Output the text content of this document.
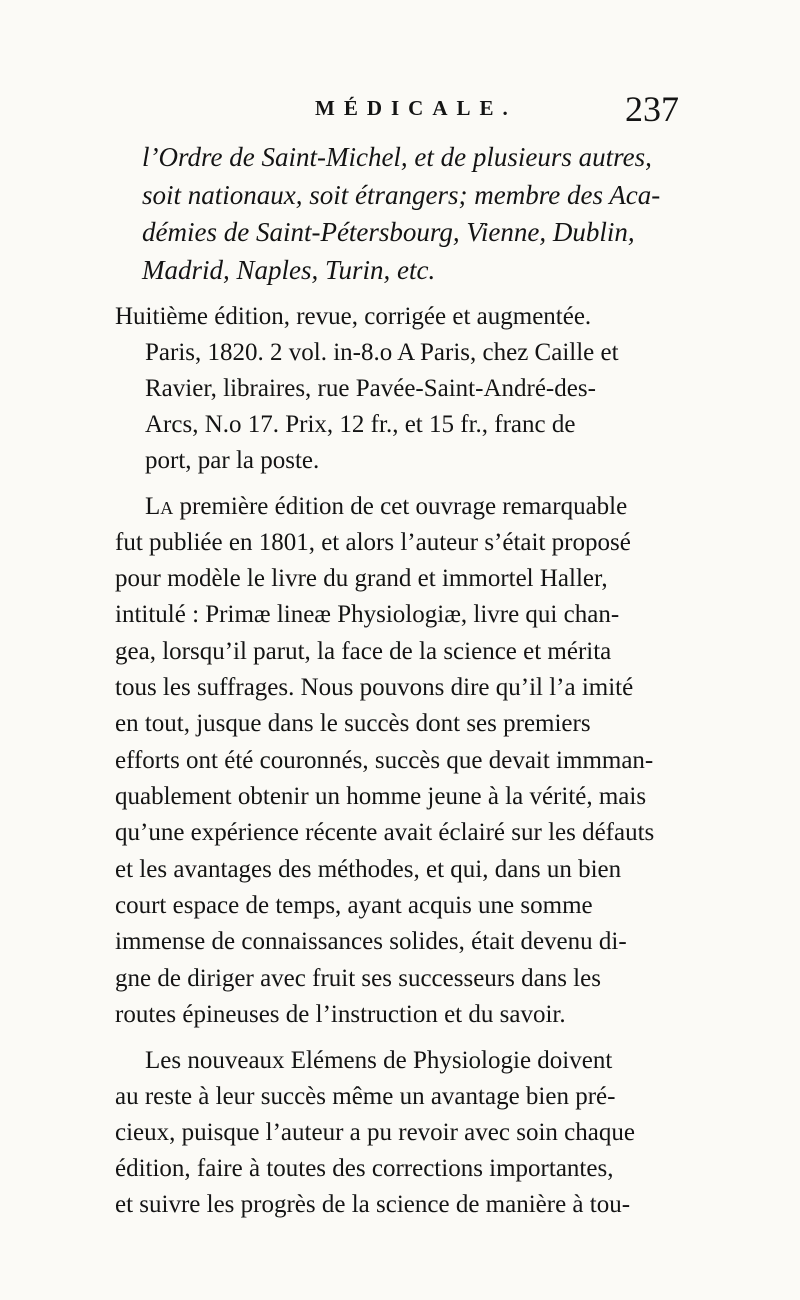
MÉDICALE.	237
l’Ordre de Saint-Michel, et de plusieurs autres,
soit nationaux, soit étrangers; membre des Aca-
démies de Saint-Pétersbourg, Vienne, Dublin,
Madrid, Naples, Turin, etc.
Huitième édition, revue, corrigée et augmentée.
Paris, 1820. 2 vol. in-8.o A Paris, chez Caille et
Ravier, libraires, rue Pavée-Saint-André-des-
Arcs, N.o 17. Prix, 12 fr., et 15 fr., franc de
port, par la poste.
La première édition de cet ouvrage remarquable
fut publiée en 1801, et alors l’auteur s’était proposé
pour modèle le livre du grand et immortel Haller,
intitulé : Primæ lineæ Physiologiæ, livre qui chan-
gea, lorsqu’il parut, la face de la science et mérita
tous les suffrages. Nous pouvons dire qu’il l’a imité
en tout, jusque dans le succès dont ses premiers
efforts ont été couronnés, succès que devait immman-
quablement obtenir un homme jeune à la vérité, mais
qu’une expérience récente avait éclairé sur les défauts
et les avantages des méthodes, et qui, dans un bien
court espace de temps, ayant acquis une somme
immense de connaissances solides, était devenu di-
gne de diriger avec fruit ses successeurs dans les
routes épineuses de l’instruction et du savoir.
Les nouveaux Elémens de Physiologie doivent
au reste à leur succès même un avantage bien pré-
cieux, puisque l’auteur a pu revoir avec soin chaque
édition, faire à toutes des corrections importantes,
et suivre les progrès de la science de manière à tou-
